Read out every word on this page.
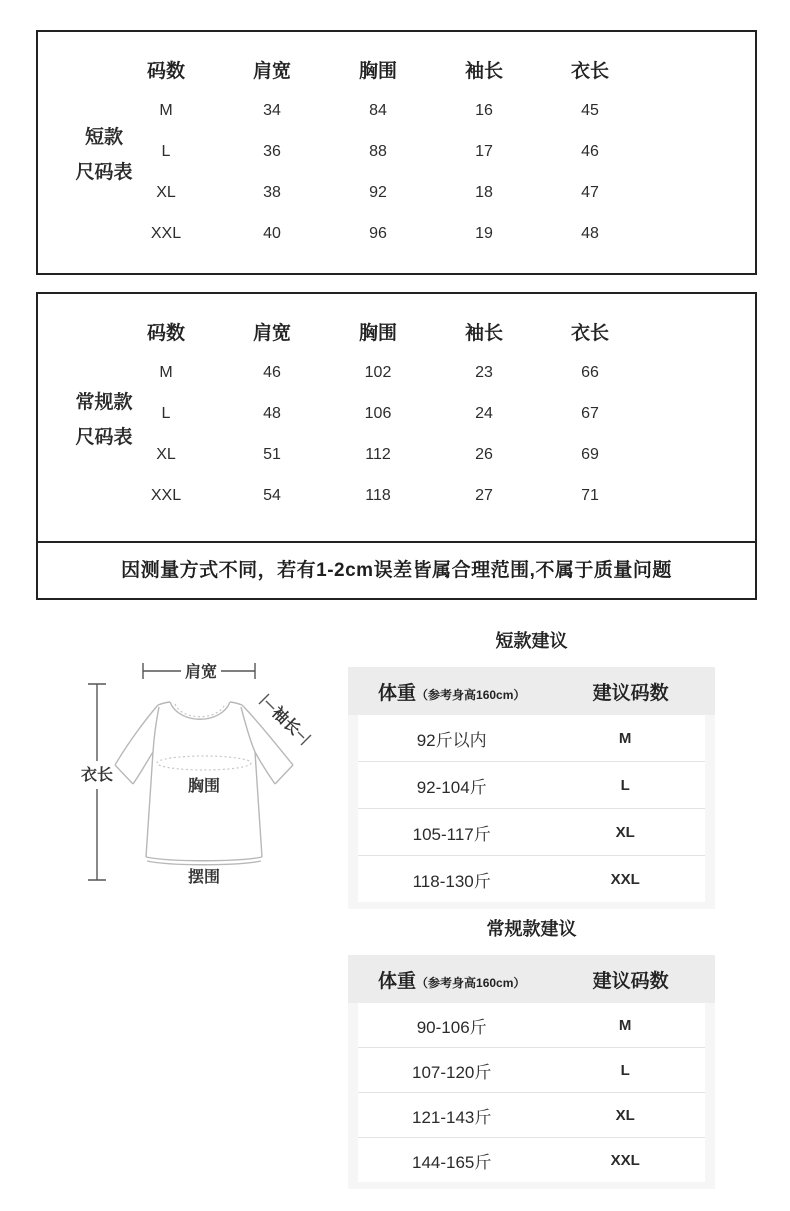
短款
尺码表
码数	肩宽	胸围	袖长	衣长
M	34	84	16	45
L	36	88	17	46
XL	38	92	18	47
XXL	40	96	19	48
常规款
尺码表
码数	肩宽	胸围	袖长	衣长
M	46	102	23	66
L	48	106	24	67
XL	51	112	26	69
XXL	54	118	27	71
因测量方式不同，若有1-2cm误差皆属合理范围,不属于质量问题
肩宽
衣长
袖长
胸围
摆围
短款建议
体重（参考身高160cm）	建议码数
92斤以内	M
92-104斤	L
105-117斤	XL
118-130斤	XXL
常规款建议
体重（参考身高160cm）	建议码数
90-106斤	M
107-120斤	L
121-143斤	XL
144-165斤	XXL
